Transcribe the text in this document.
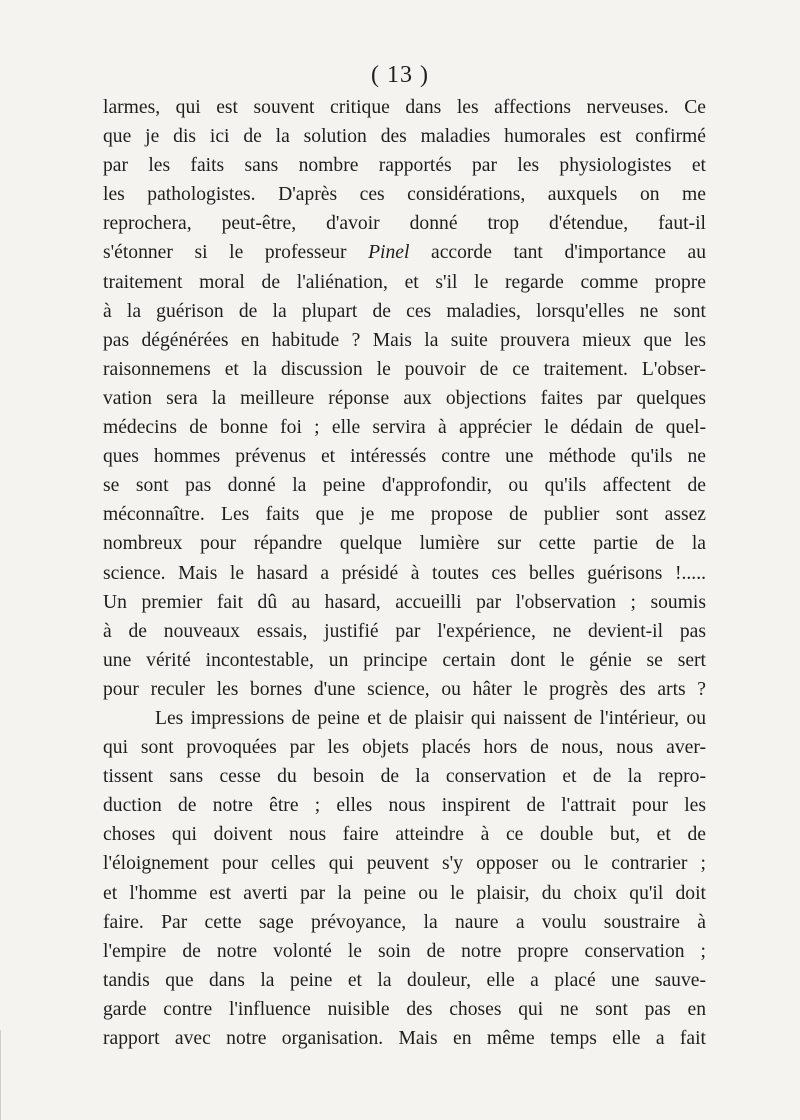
( 13 )
larmes, qui est souvent critique dans les affections nerveuses. Ce
que je dis ici de la solution des maladies humorales est confirmé
par les faits sans nombre rapportés par les physiologistes et
les pathologistes. D'après ces considérations, auxquels on me
reprochera, peut-être, d'avoir donné trop d'étendue, faut-il
s'étonner si le professeur Pinel accorde tant d'importance au
traitement moral de l'aliénation, et s'il le regarde comme propre
à la guérison de la plupart de ces maladies, lorsqu'elles ne sont
pas dégénérées en habitude ? Mais la suite prouvera mieux que les
raisonnemens et la discussion le pouvoir de ce traitement. L'obser-
vation sera la meilleure réponse aux objections faites par quelques
médecins de bonne foi ; elle servira à apprécier le dédain de quel-
ques hommes prévenus et intéressés contre une méthode qu'ils ne
se sont pas donné la peine d'approfondir, ou qu'ils affectent de
méconnaître. Les faits que je me propose de publier sont assez
nombreux pour répandre quelque lumière sur cette partie de la
science. Mais le hasard a présidé à toutes ces belles guérisons !.....
Un premier fait dû au hasard, accueilli par l'observation ; soumis
à de nouveaux essais, justifié par l'expérience, ne devient-il pas
une vérité incontestable, un principe certain dont le génie se sert
pour reculer les bornes d'une science, ou hâter le progrès des arts ?
Les impressions de peine et de plaisir qui naissent de l'intérieur, ou
qui sont provoquées par les objets placés hors de nous, nous aver-
tissent sans cesse du besoin de la conservation et de la repro-
duction de notre être ; elles nous inspirent de l'attrait pour les
choses qui doivent nous faire atteindre à ce double but, et de
l'éloignement pour celles qui peuvent s'y opposer ou le contrarier ;
et l'homme est averti par la peine ou le plaisir, du choix qu'il doit
faire. Par cette sage prévoyance, la naure a voulu soustraire à
l'empire de notre volonté le soin de notre propre conservation ;
tandis que dans la peine et la douleur, elle a placé une sauve-
garde contre l'influence nuisible des choses qui ne sont pas en
rapport avec notre organisation. Mais en même temps elle a fait
